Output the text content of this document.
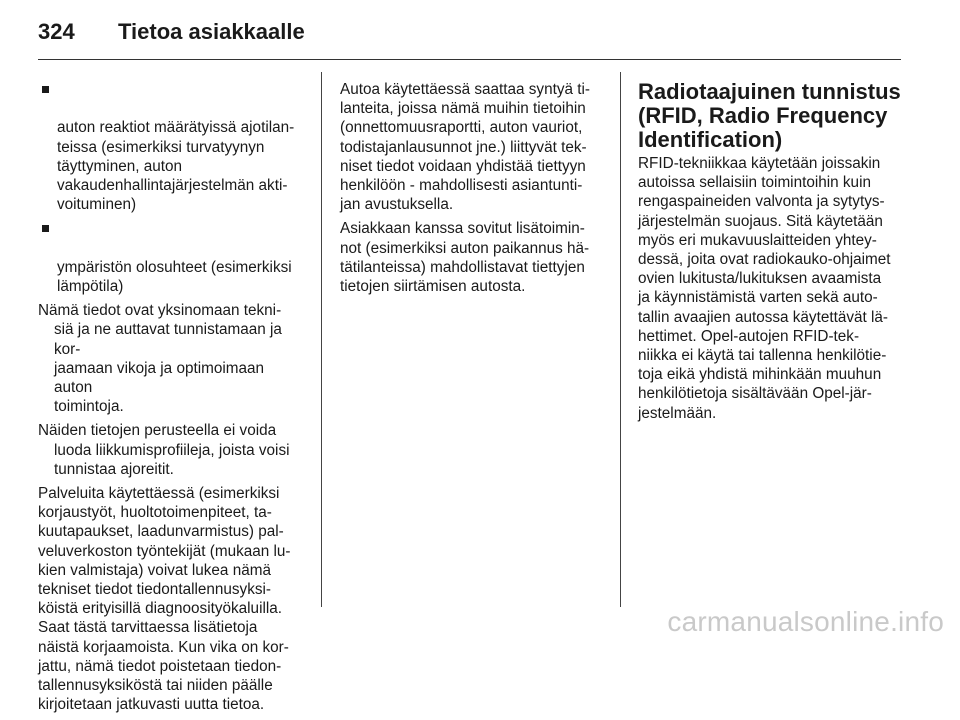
324 Tietoa asiakkaalle

auton reaktiot määrätyissä ajotilan-
teissa (esimerkiksi turvatyynyn
täyttyminen, auton
vakaudenhallintajärjestelmän akti-
voituminen)

ympäristön olosuhteet (esimerkiksi
lämpötila)

Nämä tiedot ovat yksinomaan tekni-
siä ja ne auttavat tunnistamaan ja kor-
jaamaan vikoja ja optimoimaan auton
toimintoja.

Näiden tietojen perusteella ei voida
luoda liikkumisprofiileja, joista voisi
tunnistaa ajoreitit.

Palveluita käytettäessä (esimerkiksi
korjaustyöt, huoltotoimenpiteet, ta-
kuutapaukset, laadunvarmistus) pal-
veluverkoston työntekijät (mukaan lu-
kien valmistaja) voivat lukea nämä
tekniset tiedot tiedontallennusyksi-
köistä erityisillä diagnoosityökaluilla.
Saat tästä tarvittaessa lisätietoja
näistä korjaamoista. Kun vika on kor-
jattu, nämä tiedot poistetaan tiedon-
tallennusyksiköstä tai niiden päälle
kirjoitetaan jatkuvasti uutta tietoa.

Autoa käytettäessä saattaa syntyä ti-
lanteita, joissa nämä muihin tietoihin
(onnettomuusraportti, auton vauriot,
todistajanlausunnot jne.) liittyvät tek-
niset tiedot voidaan yhdistää tiettyyn
henkilöön - mahdollisesti asiantunti-
jan avustuksella.

Asiakkaan kanssa sovitut lisätoimin-
not (esimerkiksi auton paikannus hä-
tätilanteissa) mahdollistavat tiettyjen
tietojen siirtämisen autosta.

Radiotaajuinen tunnistus
(RFID, Radio Frequency
Identification)

RFID-tekniikkaa käytetään joissakin
autoissa sellaisiin toimintoihin kuin
rengaspaineiden valvonta ja sytytys-
järjestelmän suojaus. Sitä käytetään
myös eri mukavuuslaitteiden yhtey-
dessä, joita ovat radiokauko-ohjaimet
ovien lukitusta/lukituksen avaamista
ja käynnistämistä varten sekä auto-
tallin avaajien autossa käytettävät lä-
hettimet. Opel-autojen RFID-tek-
niikka ei käytä tai tallenna henkilötie-
toja eikä yhdistä mihinkään muuhun
henkilötietoja sisältävään Opel-jär-
jestelmään.

carmanualsonline.info
